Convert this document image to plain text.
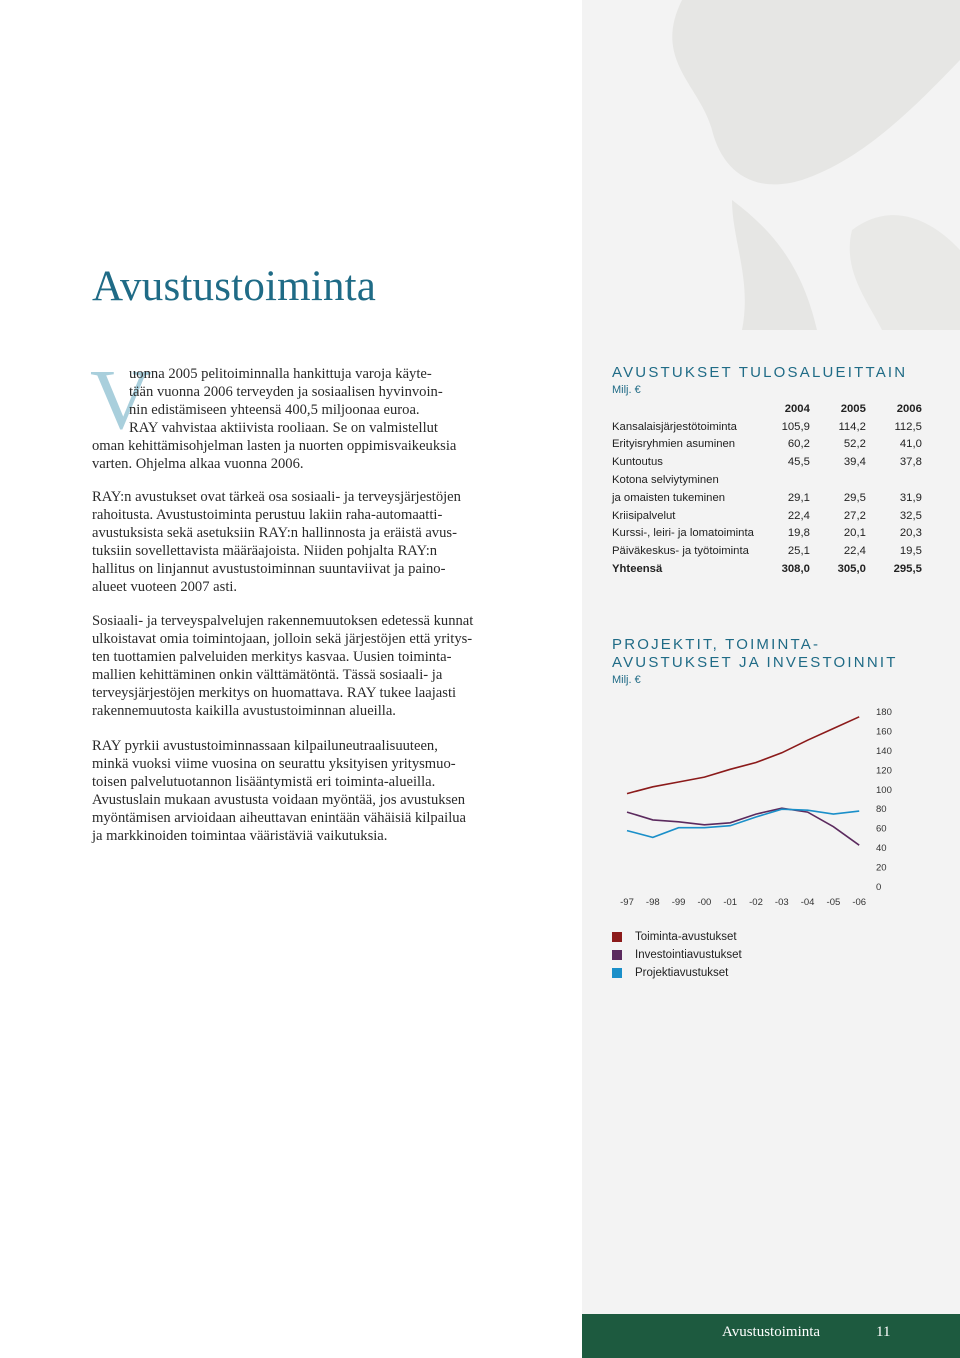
Avustustoiminta
V

uonna 2005 pelitoiminnalla hankittuja varoja käyte-
tään vuonna 2006 terveyden ja sosiaalisen hyvinvoin-
nin edistämiseen yhteensä 400,5 miljoonaa euroa.
RAY vahvistaa aktiivista rooliaan. Se on valmistellut
oman kehittämisohjelman lasten ja nuorten oppimisvaikeuksia
varten. Ohjelma alkaa vuonna 2006.

RAY:n avustukset ovat tärkeä osa sosiaali- ja terveysjärjestöjen
rahoitusta. Avustustoiminta perustuu lakiin raha-automaatti-
avustuksista sekä asetuksiin RAY:n hallinnosta ja eräistä avus-
tuksiin sovellettavista määräajoista. Niiden pohjalta RAY:n
hallitus on linjannut avustustoiminnan suuntaviivat ja paino-
alueet vuoteen 2007 asti.

Sosiaali- ja terveyspalvelujen rakennemuutoksen edetessä kunnat
ulkoistavat omia toimintojaan, jolloin sekä järjestöjen että yritys-
ten tuottamien palveluiden merkitys kasvaa. Uusien toiminta-
mallien kehittäminen onkin välttämätöntä. Tässä sosiaali- ja
terveysjärjestöjen merkitys on huomattava. RAY tukee laajasti
rakennemuutosta kaikilla avustustoiminnan alueilla.

RAY pyrkii avustustoiminnassaan kilpailuneutraalisuuteen,
minkä vuoksi viime vuosina on seurattu yksityisen yritysmuo-
toisen palvelutuotannon lisääntymistä eri toiminta-alueilla.
Avustuslain mukaan avustusta voidaan myöntää, jos avustuksen
myöntämisen arvioidaan aiheuttavan enintään vähäisiä kilpailua
ja markkinoiden toimintaa vääristäviä vaikutuksia.

AVUSTUKSET TULOSALUEITTAIN
Milj. €
	2004	2005	2006
Kansalaisjärjestötoiminta	105,9	114,2	112,5
Erityisryhmien asuminen	60,2	52,2	41,0
Kuntoutus	45,5	39,4	37,8
Kotona selviytyminen			
ja omaisten tukeminen	29,1	29,5	31,9
Kriisipalvelut	22,4	27,2	32,5
Kurssi-, leiri- ja lomatoiminta	19,8	20,1	20,3
Päiväkeskus- ja työtoiminta	25,1	22,4	19,5
Yhteensä	308,0	305,0	295,5
PROJEKTIT, TOIMINTA-
AVUSTUKSET JA INVESTOINNIT
Milj. €
0
20
40
60
80
100
120
140
160
180
-97 -98 -99 -00 -01 -02 -03 -04 -05 -06
Toiminta-avustukset
Investointiavustukset
Projektiavustukset
Avustustoiminta	11
